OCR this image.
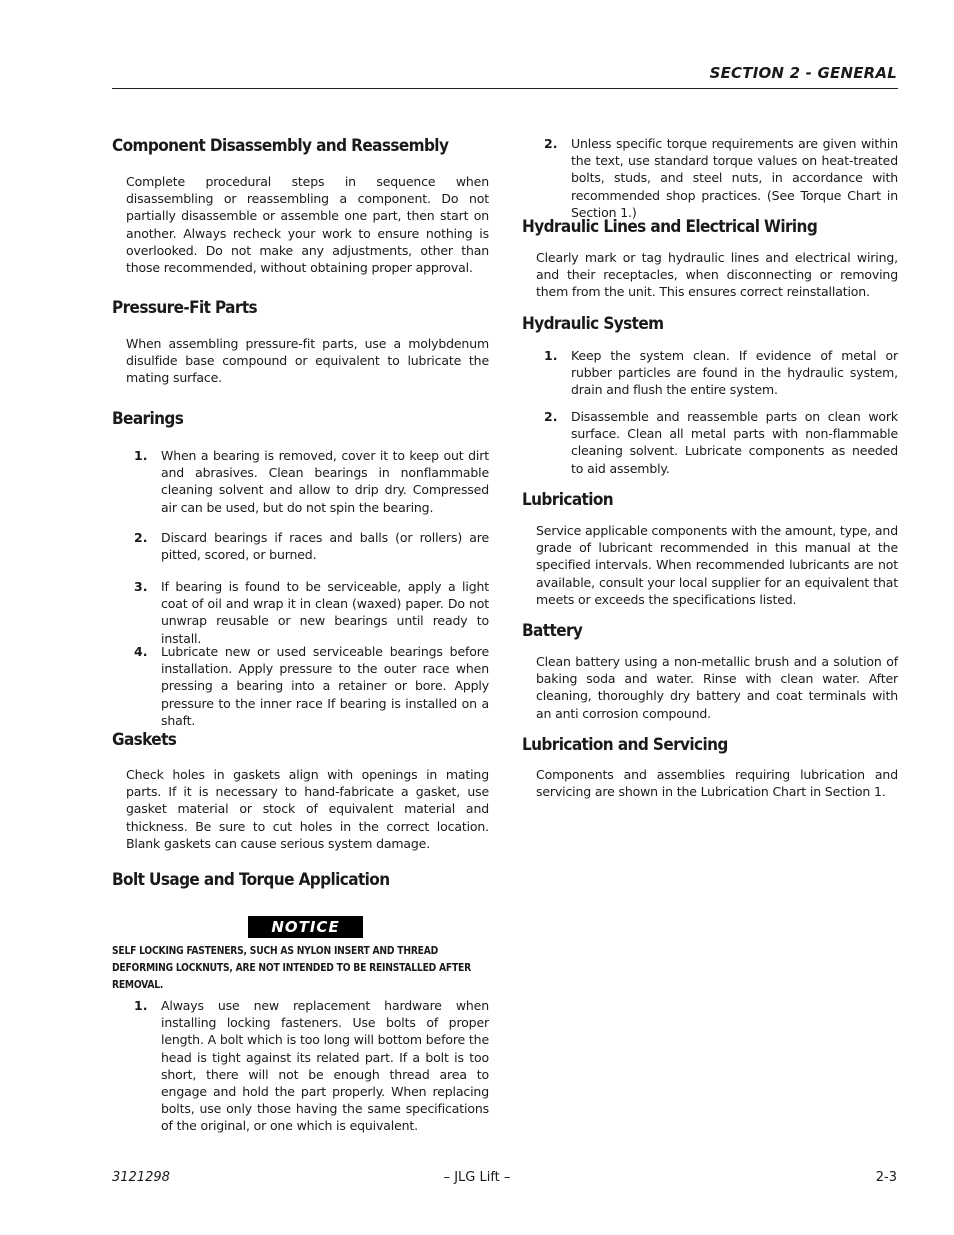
SECTION 2 - GENERAL
Component Disassembly and Reassembly

Complete procedural steps in sequence when disassembling or reassembling a component. Do not partially disassemble or assemble one part, then start on another. Always recheck your work to ensure nothing is overlooked. Do not make any adjustments, other than those recommended, without obtaining proper approval.

Pressure-Fit Parts

When assembling pressure-fit parts, use a molybdenum disulfide base compound or equivalent to lubricate the mating surface.

Bearings
1. When a bearing is removed, cover it to keep out dirt and abrasives. Clean bearings in nonflammable cleaning solvent and allow to drip dry. Compressed air can be used, but do not spin the bearing.

2. Discard bearings if races and balls (or rollers) are pitted, scored, or burned.

3. If bearing is found to be serviceable, apply a light coat of oil and wrap it in clean (waxed) paper. Do not unwrap reusable or new bearings until ready to install.

4. Lubricate new or used serviceable bearings before installation. Apply pressure to the outer race when pressing a bearing into a retainer or bore. Apply pressure to the inner race If bearing is installed on a shaft.

Gaskets

Check holes in gaskets align with openings in mating parts. If it is necessary to hand-fabricate a gasket, use gasket material or stock of equivalent material and thickness. Be sure to cut holes in the correct location. Blank gaskets can cause serious system damage.

Bolt Usage and Torque Application
NOTICE

SELF LOCKING FASTENERS, SUCH AS NYLON INSERT AND THREAD DEFORMING LOCKNUTS, ARE NOT INTENDED TO BE REINSTALLED AFTER REMOVAL.

1. Always use new replacement hardware when installing locking fasteners. Use bolts of proper length. A bolt which is too long will bottom before the head is tight against its related part. If a bolt is too short, there will not be enough thread area to engage and hold the part properly. When replacing bolts, use only those having the same specifications of the original, or one which is equivalent.

2. Unless specific torque requirements are given within the text, use standard torque values on heat-treated bolts, studs, and steel nuts, in accordance with recommended shop practices. (See Torque Chart in Section 1.)

Hydraulic Lines and Electrical Wiring

Clearly mark or tag hydraulic lines and electrical wiring, and their receptacles, when disconnecting or removing them from the unit. This ensures correct reinstallation.

Hydraulic System
1. Keep the system clean. If evidence of metal or rubber particles are found in the hydraulic system, drain and flush the entire system.

2. Disassemble and reassemble parts on clean work surface. Clean all metal parts with non-flammable cleaning solvent. Lubricate components as needed to aid assembly.

Lubrication

Service applicable components with the amount, type, and grade of lubricant recommended in this manual at the specified intervals. When recommended lubricants are not available, consult your local supplier for an equivalent that meets or exceeds the specifications listed.

Battery

Clean battery using a non-metallic brush and a solution of baking soda and water. Rinse with clean water. After cleaning, thoroughly dry battery and coat terminals with an anti corrosion compound.

Lubrication and Servicing

Components and assemblies requiring lubrication and servicing are shown in the Lubrication Chart in Section 1.

3121298	– JLG Lift –	2-3
